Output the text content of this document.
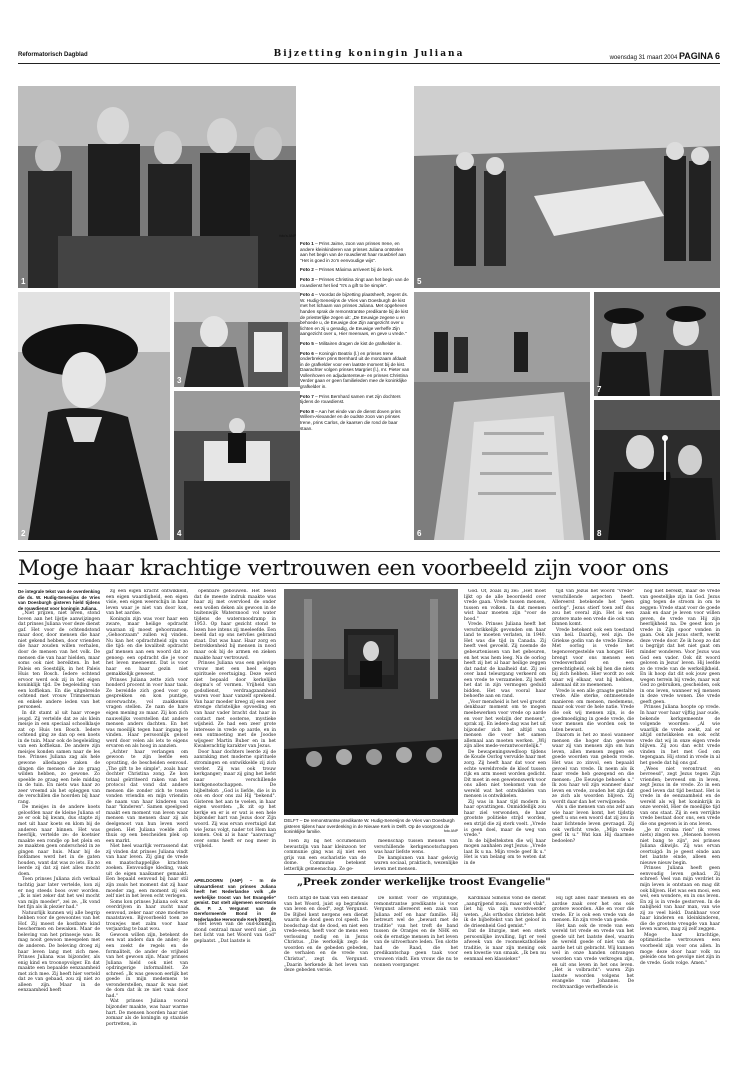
Reformatorisch Dagblad	Bijzetting koningin Juliana	woensdag 31 maart 2004 PAGINA 6
1
foto's ANP
5

Foto 1 – Prins Jaime, zoon van prinses Irene, en andere kleinkinderen van prinses Juliana ontstelen aan het begin van de rouwdienst haar rouwbrief aan "Het is goed in zo'n eenvoudige wijs".

Foto 2 – Prinses Máxima arriveert bij de kerk.

Foto 3 – Prinses Christina zingt aan het begin van de rouwdienst het lied "It's a gift to be simple".

Foto 4 – Voordat de bijzetting plaatsheeft, zegent ds. W. Hudig-Senesijns de Vries van Doesburgh de kist met het lichaam van prinses Juliana. Met opgeheven handen sprak de remonstrantse predikante bij de kist de priesterlijke zegen uit: „De Eeuwige zegene u en behoede u, de Eeuwige doe Zijn aangezicht over u lichten en zij u genadig, de Eeuwige verheffe Zijn aangezicht over u, Hier meenuws, en geve u vrede."

Foto 5 – Militairen dragen de kist de grafkelder in.

Foto 6 – Koningin Beatrix (l.) en prinses Irene onderbreken prins Bernhard uit de monzaam afdaalt in de grafkelder voor een laatste moment bij de kist. Daarachter volgen prinses Margriet (l.), mr. Pieter van Vollenhoven en adjudantenteue- en prinses Christina Verder gaan er geen familieleden mee de koninklijke grafkelder in.

Foto 7 – Prins Bernhard samen met zijn dochters tijdens de rouwdienst.

Foto 8 – Aan het einde van de dienst doven prins Willem-Alexander en de oudste zoon van prinses Irene, prins Carlos, de kaarsen die rond de baar staan.

2
3
4	6
7
8
Moge haar krachtige vertrouwen een voorbeeld zijn voor ons

De integrale tekst van de overdenking die ds. W. Hudig-Senesijns de Vries van Doesburgh gisteren hield tijdens de rouwdienst voor koningin Juliana.

„Niet prijzen, niet loven, stond boven aan het lijstje aanwijzingen dat prinses Juliana voor deze dienst gaf. Het voor de ochtendstond maar door, door mensen die haar niet gekend hebben, door vrienden die haar zouden willen verhalen, door de mensen van het volk. De mensen die van haar hielden, maar soms ook niet bereikten. In het Paleis en Soestdijk, in het Paleis Huis ten Bosch. Iedere ochtend ervoor werd ook zij in het eigen koninklijk tijd. De begeleiding van een koffiekan. En die uitgebreide ochtend met vrouw Trimmerman en enkele andere leden van het personeel.

In dit stamt al uit haar vroege jeugd. Zij vertelde dat ze als klein meisje in een speciaal schoolklasje zat op Huis ten Bosch. Iedere ochtend ging ze dan op een koets in de tuin. Maar ook de begeleiding van een koffiekan. De andere zijn meisjes konden samen naar de les toe. Prinses Juliana zag als hele gewone alledaagse zaken de dingen die mensen die zo graag wilden hebben, zo gewone. Zo speelde ze graag een hele middag in de tuin. En niets was haar zo zeer vreemd als het opleggen van de verschillen die hoorden bij haar rang.

De meisjes in de andere koets geloofden naar de kleine Juliana of ze er ook bij kwam, dus stapte zij met uit haar koets en klom bij de anderen naar binnen. Het was heerlijk, vertelde ze: de koetsier maakte een rondje op het plein en ze maakten geen onderscheid in ze gingen naar huis. Maar bij de hofdames werd het in de gaten houden, want dat was zo iets. En zo leerde zij dat zij niet alles mocht doen.

Toen prinses Juliana zich verkaal tachtig jaar later vertelde, kon zij er nog steeds boos over worden. „Ik is niet zeker dat het wel mocht van mijn moeder", zei ze. „Ik vond het fijn als ik plezier had."

Natuurlijk kunnen wij alle begrip hebben voor de gewoontes van het Hof. Zij moest de kostbare kind beschermen en bewaken. Maar de beleving van het prinsesje was: Ik mag nooit gewoon meespelen met de anderen. De beleving droeg zij haar leven lang met zich mee. Prinses Juliana was bijzonder, als enig kind en troonopvolger. En dat maakte een bepaalde eenzaamheid met zich mee. Zij heeft hier verteld dat ze van gebaad, zou zij niet zo alleen zijn. Maar in de eenzaamheid heeft

zij een eigen kracht ontwikkeld, een eigen waardigheid, een eigen visie, een eigen weerschijn in haar leven waar je niet van door kon, van het aardse.

Koningin zijn was voor haar een zware, maar heilige opdracht waaraan zij moest gehoorzamen. „Gehoorzaam" zullen wij vinden. Nu kan het opdrachtheid zijn van die tijd: en die kwaliteit opdracht gaf mensen aan een woord dat zo genoeg: een opdracht die je voor het leven meeneemt. Dat is voor haar en haar gezin niet gemakkelijk geweest.

Prinses Juliana zette zich voor honderd procent in voor haar taak. Ze bereidde zich goed voor op gesprekken en kon puntige, onverwachte, vol zaakkennis vragen stellen. Ze nam de hare eigen mening zo maar. Zij kon zich nauwelijks voorstellen dat andere mensen anders dachten. En het was moeilijk tegen haar ingang te vinden. Haar persoonlijk geloof werd door velen als iets te eigens ervaren en als hoog in aanzien.

„Achter haar verlangen om gewoon te zijn leefde een opvatting, de bescheiden eenvoud. „The gift to be simple", zoals haar dochter Christina zong. Ze kon totaal geïrriteerd raken van het protocol dat vond dat andere mensen die zonder zich te tonen vonden vriendin en mijn vriendin de naam van haar kinderen van haar "kinderen". Samen speelgoed maakt een moment van leven waar mensen van mensen daar zij als deelgenoot van hun leven werd gezien. Het Juliana voelde zich thuis op een bescheiden plek op een markt.

Niet heel waarlijk verrassend dat zij vinden dat prinses Juliana vindt van haar leven. Zij ging de vrede en maatschappelijke krachten zoeken. Eenvoudige kleding, vaak uit de eigen naaikamer gemaakt. Een bepaald eenvoud bij haar stil zijn zoals het moment dat zij haar moeder zag, een moment zij ook zelf niet in het leven echt verlegen.

Soms kon prinses Juliana ook wat overdrijven in haar zucht naar eenvoud, zeker naar onze moderne maatstaven. Bijvoorbeeld toen ze trouwjes met zalm voor haar verjaardag te baat wou.

Gewoon willen zijn, betekent de een wat anders dan de ander; de een zoekt de regels en de formaliteit, de ander de vrijheid van het gewoon zijn. Maar prinses Juliana hield ook niet van opdringerige informaliteit. Ze schreef: „Ik was gewoon eerlijk het goede in mijn medemens te veronderstellen, maar ik was niet de dom dat ik ze niet vaak door had."

Wat prinses Juliana vooral bijzonder maakte, was haar warme hart. De mensen hoorden haar niet zomaar als de koningin op staatsie portretten, in

openbare gebouwen. Het beeld dat de meeste indruk maakte was haar zij met overvloed de onder een wollen deken als gewoon in de buitenwijk Watersnood vol water tijdens de watersnoodramp in 1953. Op haar gezicht stond te lezen hoe intens zij meeleefde. Een beeld dat op ons netvlies gebrand staat. Dat was haar. Haar zorg en betrokkenheid bij mensen in nood maar ook bij de armen en zieken maakte haar vertrouwd.

Prinses Juliana was een gelovige vrouw met een heel eigen spirituele overtuiging. Deze werd niet bepaald door kerkelijke dogma's of vormen. Vrijheid van godsdienst, verdraagzaamheid waren voor haar vanzelf sprekend. Van haar moeder kreeg zij een zeer strenge christelijke opvoeding en van haar vader bracht dat haar in contact met oosterse, mystieke wijsheid. Ze had een zeer grote interesse in vrede op aarde, en in een ontmoeting met de Joodse wijsgeer Martin Buber en in het Kwakerachtig karakter van Jezus.

Door haar dochters leerde zij de aanraking met moderne spirituele stromingen en ontwikkelde zij zich verder. Zij was ook trouw kerkganger; maar zij ging het liefst naar verschillende kerkgenootschappen. De bijbeltekst: „God is liefde, die is in ons en door ons zal Hij "bekend". Gisteren het aan te voelen, in haar eigen woorden: „Ik zit op het kerkje en er is er wat is een hele bijzonder hart van Jezus door Zijn woord. Zij was ervan overtuigd dat wie Jezus volgt, nader tot Hem kan komen. Ook al is haar "aanvraag" over soms heeft er nog meer in vrijheid.

DELFT – De remonstrantse predikante W. Hudig-Senesijns de Vries van Doesburgh gisteren tijdens haar overdenking in de Nieuwe Kerk in Delft. Op de voorgrond de koninklijke familie.	foto ANP

Toen zij bij het occumenisch bewustzijn van haar kleinzoon ter communie ging was zij niet een grijs van een eucharistie van de dome. Communie betekent letterlijk gemeenschap. Ze ge-

meenschap tussen mensen van verschillende kerkgenootschappen was haar liefste wens.

De kampiunen van haar gelovig waren sociaal, praktisch, wezenlijke leven met mensen.

God. Of, zoals zij zei: „Het moet lijkt op de alle beoordeeld over vrede gaan. Vrede tussen mensen, tussen en volken. In dat meenen wist haar moeten zijn "voor de hood."

Vrede. Prinses Juliana heeft het verschrikkelijk gevonden om haar land te moeten verlaten, in 1940. Het was die tijd in Canada. Zij heeft veel gevoeld. Zij noemde de gebeurtenissen van het gebeuren, en het was hem leeg. Na de oorlog heeft zij het al haar heilige zeggen dat nadat de kaalheid dat. Zij zei over land teleurgang verkeerd om een vrede te verzamelen. Zij heeft het dat in zijn vermogen geduld bidden. Het was vooral haar behoefte aan en rand.

„Voor mensheid is het wel grootst denkbaar moment om te mogen meebewerken voor vrede op aarde en voor het welzijn der mensen", sprak zij. En iedere dag was het uit bijzonder zich het altijd van mensen die voor het samen allemaal aan moeten werken. „Wij zijn alles mede-verantwoordelijk."

De bewapeningswedloop tijdens de Koude Oorlog vervulde haar met zorg. Zij heeft haar dat voor een echte wereldvrede de kloof tussen rijk en arm moest worden gedicht. Dit moet in een gewetenswerk voor ons allen niet toekomst van de wereld wat het ontwikkelen van mensen is ontwikkelen.

Zij was in haar tijd modern in haar opvattingen. Onmiddellijk zou haar ziel verwonden, de haar grootste politieke strijd worden, een strijd die zij sterk voelt. „Vrede is geen doel, maar de weg van vrede."

In de bijbelteksten die wij haar mogen aanhalen zegt Jezus: „Vrede laat Ik u na. Mijn vrede geef Ik u." Het is van belang om te weten dat in de

tijd van Jezus het woord "vrede" verschillende aspecten heeft. Allereerst betekende het "geen oorlog". Jezus stierf toen zelf dus zou het overal zijn. Het is een grotere mate een vrede die ook van binnen komt.

Vrede betekent ook een toestand van heil. Daarbij, wel zijn. De Griekse godin van de vrede Eirene. Met oorlog is vrede het tegenovergestelde van honger. Het brengt voor ons mensen een vredesverband en een gerechtigheid, ook bij hen die niets bij zich hebben. Hier wordt zo ook waar wij elkaar, wat hij hebben, allemaal dit zo meenemen.

Vrede is een alle graagte gestalte vrede. Alle sterke, ontmoetende manieren om mensen, medemens, maar ook voor de hele natie. Vrede die ook wij mensen zijn, is de goedmoediging in goede vrede, die voor mensen die worden ook te laten bewust.

Daarom is het zo mooi wanneer mensen die hoger dan gewone waar zij van mensen zijn om hun leven, allen mensen zeggen en goede woorden van gebeds vrede. Het was zo zinvol, een bepaald gevoel van vrede. Ik neem als ik haar vrede heb gezegend en die mensen: „De Eeuwige behoede u." Ik zou haar wil zijn wanneer daar leven en vrede, zouden het zijn dat ze zich als woorden blijven. Zij wordt daar dan het verwijzende.

Als u die mensen van ons zelf aan wie haar leven komt, het tijdstip geeft u ons een woord dat zij zou in haar lichtende leven gevraagd. Zij ook verlicht vrede, „Mijn vrede geef Ik u." Wat kan Hij daarmee bedoelen?

nog niet bereikt, maar de vrede van geestelijke zijn in God. Jezus ging tegen de stroom in om te zeggen: Vrede staat voor de goede zaak en daar je leven voor willen geven, de vrede van Hij zijn heerlijkheid na. De geest kon je vrede in Zijn spoor vonden in gaan. Ook als Jezus sterft, werkt deze vrede door. Ze ik hoop zo dat u begrijpt dat het niet gaat om minder wonderen. Voor Jezus was God een vader. Ook dit woord geloven in Jezus' leven. Hij leefde zo de vrede van de werkelijkheid. En ik hoop dat dit ook jouw geen wegen terrein bij vrede, maar wat God zo gebruiken, gescheiden, ook in ons leven, wanneer wij mensen in deze vrede wonen. Die vrede geeft geen.

Prinses Juliana hoopte op vrede. In haar voor haar vijftig jaar oude, bekende kerkgemeente de volgende woorden: „Al wie waarlijk de vrede zoekt, zal er altijd ontwikkelen en ook echt vrede dat wij in onze eigen vrede blijven. Zij zou dan echt vrede vinden in het met God om tegengaan. Hij stond in vrede in al het goede dat hij ons gaf.

„Wees niet verontrust en bevreesd", zegt Jezus tegen Zijn vrienden; bevreesd om in leven, zegt Jezus in de vrede. Zo in een goed leven dat tijd bestaat. Het is vrede in de eenzaamheid en de wereld als wij het koninkrijk in onze wereld, Hier de moeilijke tijd van ons staat. Zij in een verrijkte vrede bestaat door ons, een vrede die ons gegeven is in ons leven.

„Je m' cruina rien" (ik vrees niets) zingen we. „Mensen hoeven niet bang te zijn", zei prinses Juliana dikwijls. Zij was ervan overtuigd: In je geest einde aan het laatste einde, alleen een nieuwe nieuw begin.

Prinses Juliana heeft geen eenvoudig leven gehad. Zij schreef: Veel van mijn verdriet in mijn leven is ontstaan en mag dit ook blijven. Het was een mooi, een wel, een wondere, en in ons leven. En zij is in vrede gestorven. In de nabijheid van haar man, van wie zij zo veel hield. Dankbaar voor haar kinderen en kleinkinderen, die de grootste vreugde van haar leven waren, mag zij zelf zeggen.

Moge haar krachtige, optimistische vertrouwen een voorbeeld zijn voor ons allen. In moge deze door haar volk nu geleide ons ten gevolge niet zijn in de vrede. Gods volge. Amen."

„Preek zonder werkelijke troost Evangelie"

APELDOORN (ANP) – In de uitvaartdienst van prinses Juliana heeft het Nederlandse volk „de werkelijke troost van het Evangelie" gemist. Dat stelt algemeen secretaris ds. P. J. Vergunst van de Gereformeerde Bond in de Nederlandse Hervormde Kerk (NHK).

Het leven van de oud-koningin stond centraal maar werd niet „in het licht van het Woord van God" geplaatst. „Dat laatste is

toch altijd de taak van een dienaar van het Woord, juist op begrafenis van leven en dood", zegt Vergunst. De Bijbel kent nergens een dienst waarin de dood geen rol speelt. De boodschap dat de dood, en niet een vrede-eens, heeft voor de mens een verlossing nodig en in Jezus Christus. „Die werkelijk zegt: de woorden en de gebeden gebeden, de verhalen en de vrede van Christus", zegt ds. Vergunst. „Daarin herkende ik het leven van deze gebeden versie.

De komst voor de vrijzinnige, remonstrantse predikante is voor Vergunst allereerst een zaak van Juliana zelf en haar familie. Hij betreurt wel de „bewust met de traditie" van het treft de band tussen de Oranjes en de NHK en ook de ernstige mensen in het leven van de uitvoerbare leden. Ten slotte had de Raad, die het predikantschap geen taak voor vrouwen vindt. Een vrouw die nu te nonnen voorganger.

Kardinaal Simonis vond de dienst „aangrijpend mooi, maar wel vlak", liet hij via zijn woordvoerder weten. „Als orthodox christen hebt ik de bijbeltekst van het geloof in de drieenheid God gemist."

Dat de liturgie, met een sterk persoonlijke invulling, ligt er veel afweek van de roomsekatholieke traditie, is naar zijn mening ook een kwestie van smaak. „Ik ben nu eenmaal een klassieker."

Hij ligt alles naar mensen en de aardse zaak over het ons ook grotere woorden. Alle en voor die vrede. Er is ook een vrede van de mensen. En zijn vrede van goede.

Het kan ook de vrede van een wereld tot vrede en vrede van het goede uit het laatste deel, waarin de wereld goede of niet van de aarde het uit gebracht. Wij kunnen wel in onze handen ontvangen woorden van vrede verkregen zijn, en uit ons leven in het ons leven. „Het is volbracht": waren Zijn laatste woorden volgens het evangelie van Johannes. De rechtvaardige verheffende is
